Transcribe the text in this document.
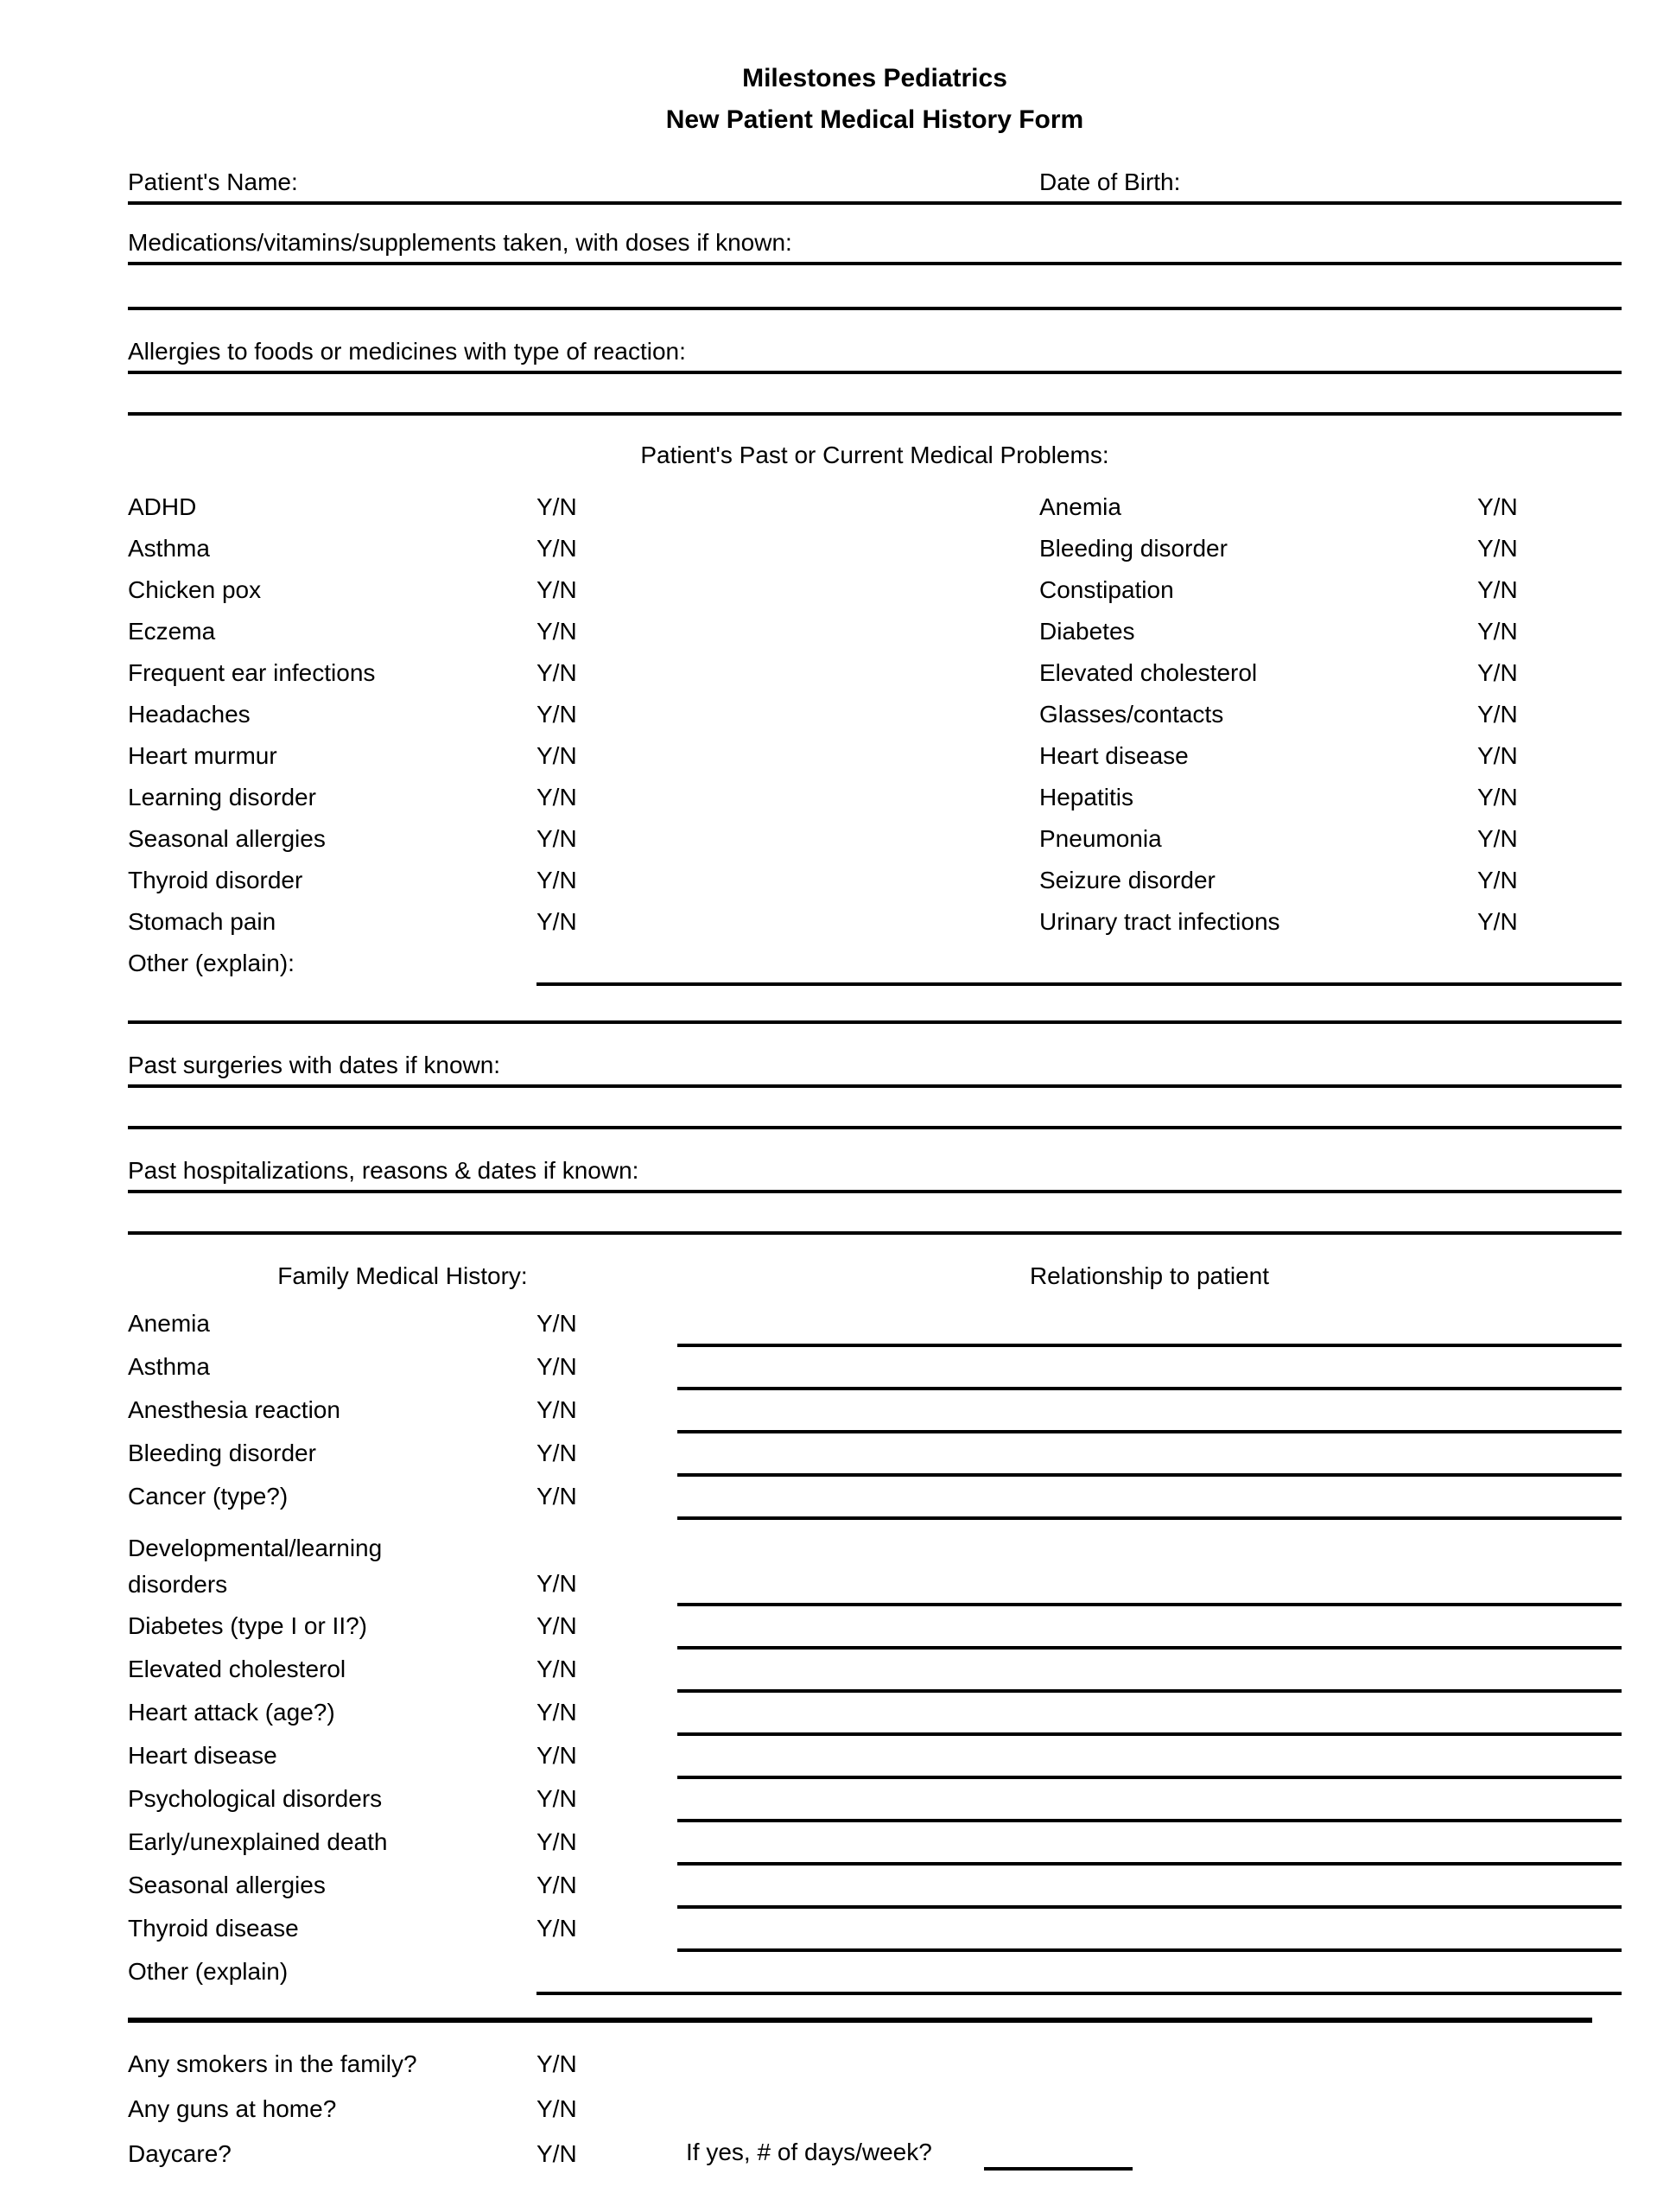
Milestones Pediatrics
New Patient Medical History Form
Patient's Name:	Date of Birth:
Medications/vitamins/supplements taken, with doses if known:
Allergies to foods or medicines with type of reaction:
Patient's Past or Current Medical Problems:
ADHD	Y/N	Anemia	Y/N
Asthma	Y/N	Bleeding disorder	Y/N
Chicken pox	Y/N	Constipation	Y/N
Eczema	Y/N	Diabetes	Y/N
Frequent ear infections	Y/N	Elevated cholesterol	Y/N
Headaches	Y/N	Glasses/contacts	Y/N
Heart murmur	Y/N	Heart disease	Y/N
Learning disorder	Y/N	Hepatitis	Y/N
Seasonal allergies	Y/N	Pneumonia	Y/N
Thyroid disorder	Y/N	Seizure disorder	Y/N
Stomach pain	Y/N	Urinary tract infections	Y/N
Other (explain):
Past surgeries with dates if known:
Past hospitalizations, reasons & dates if known:
Family Medical History:	Relationship to patient
Anemia	Y/N
Asthma	Y/N
Anesthesia reaction	Y/N
Bleeding disorder	Y/N
Cancer (type?)	Y/N
Developmental/learning disorders	Y/N
Diabetes (type I or II?)	Y/N
Elevated cholesterol	Y/N
Heart attack (age?)	Y/N
Heart disease	Y/N
Psychological disorders	Y/N
Early/unexplained death	Y/N
Seasonal allergies	Y/N
Thyroid disease	Y/N
Other (explain)
Any smokers in the family?	Y/N
Any guns at home?	Y/N
Daycare?	Y/N	If yes, # of days/week?
